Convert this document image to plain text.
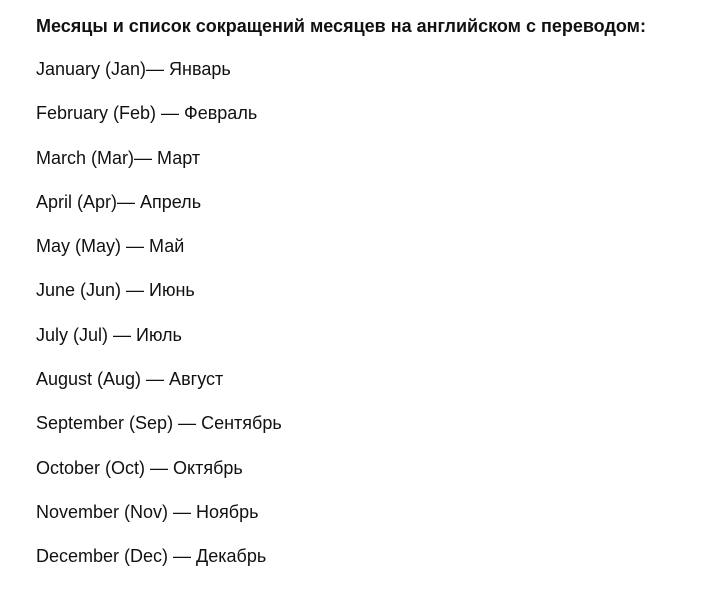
Месяцы и список сокращений месяцев на английском с переводом:
January (Jan)— Январь
February (Feb) — Февраль
March (Mar)— Март
April (Apr)— Апрель
May (May) — Май
June (Jun) — Июнь
July (Jul) — Июль
August (Aug) — Август
September (Sep) — Сентябрь
October (Oct) — Октябрь
November (Nov) — Ноябрь
December (Dec) — Декабрь
